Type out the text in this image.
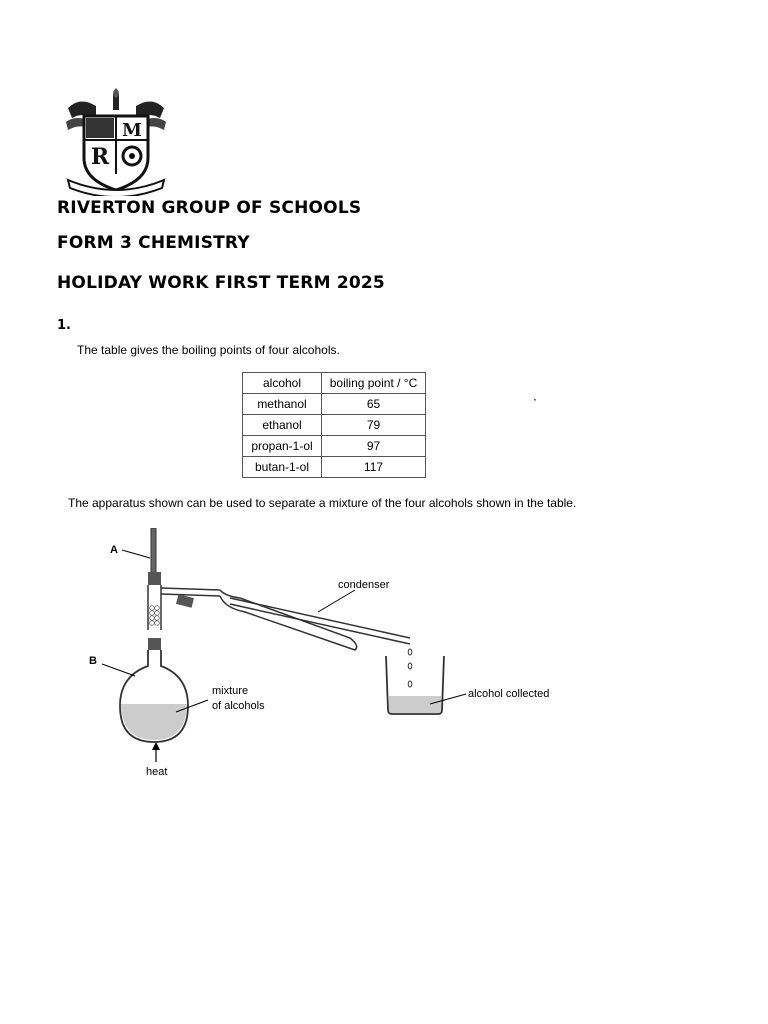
M
R
RIVERTON GROUP OF SCHOOLS
FORM 3 CHEMISTRY
HOLIDAY WORK FIRST TERM 2025
1.
The table gives the boiling points of four alcohols.
alcohol	boiling point / °C
methanol	65
ethanol	79
propan-1-ol	97
butan-1-ol	117
·
The apparatus shown can be used to separate a mixture of the four alcohols shown in the table.
A
condenser
alcohol collected
B
mixture
of alcohols
heat
